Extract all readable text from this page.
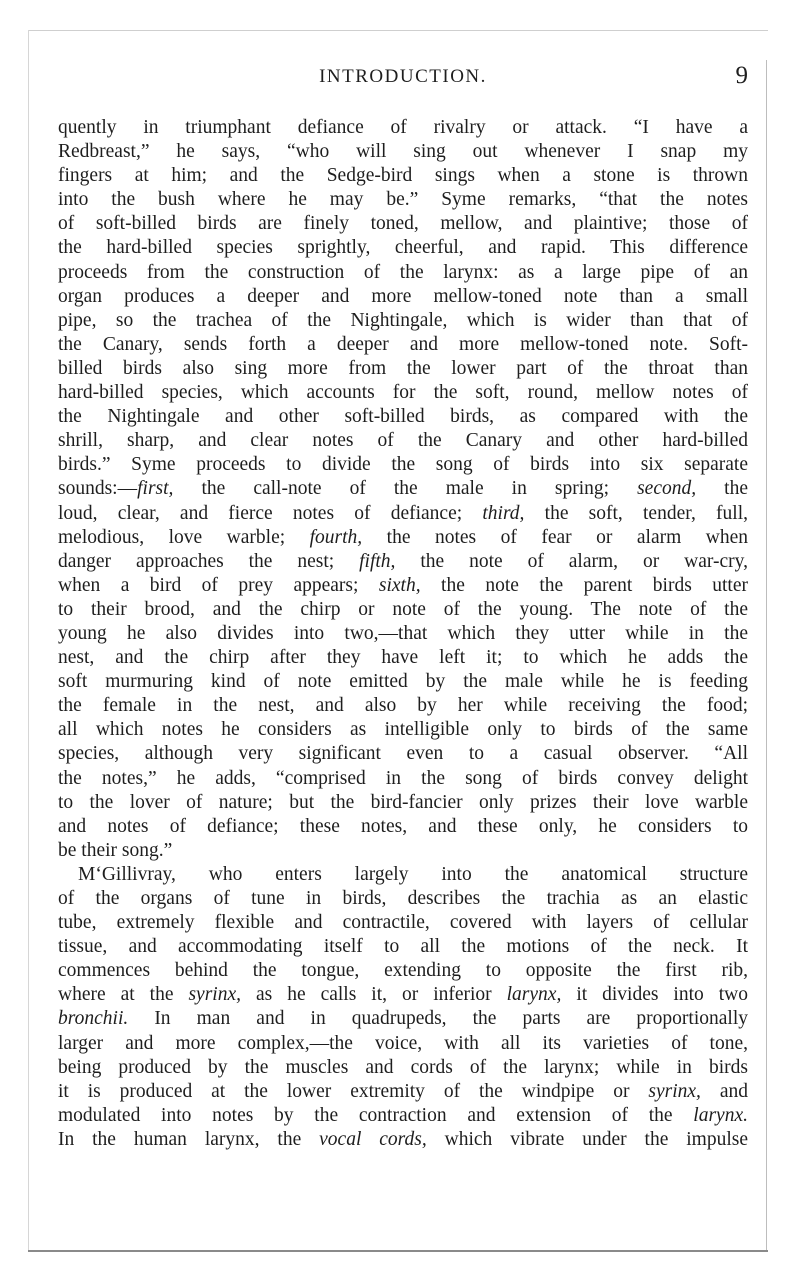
INTRODUCTION.	9
quently in triumphant defiance of rivalry or attack. “I have a
Redbreast,” he says, “who will sing out whenever I snap my
fingers at him; and the Sedge-bird sings when a stone is thrown
into the bush where he may be.” Syme remarks, “that the notes
of soft-billed birds are finely toned, mellow, and plaintive; those of
the hard-billed species sprightly, cheerful, and rapid. This difference
proceeds from the construction of the larynx: as a large pipe of an
organ produces a deeper and more mellow-toned note than a small
pipe, so the trachea of the Nightingale, which is wider than that of
the Canary, sends forth a deeper and more mellow-toned note. Soft-
billed birds also sing more from the lower part of the throat than
hard-billed species, which accounts for the soft, round, mellow notes of
the Nightingale and other soft-billed birds, as compared with the
shrill, sharp, and clear notes of the Canary and other hard-billed
birds.” Syme proceeds to divide the song of birds into six separate
sounds:—first, the call-note of the male in spring; second, the
loud, clear, and fierce notes of defiance; third, the soft, tender, full,
melodious, love warble; fourth, the notes of fear or alarm when
danger approaches the nest; fifth, the note of alarm, or war-cry,
when a bird of prey appears; sixth, the note the parent birds utter
to their brood, and the chirp or note of the young. The note of the
young he also divides into two,—that which they utter while in the
nest, and the chirp after they have left it; to which he adds the
soft murmuring kind of note emitted by the male while he is feeding
the female in the nest, and also by her while receiving the food;
all which notes he considers as intelligible only to birds of the same
species, although very significant even to a casual observer. “All
the notes,” he adds, “comprised in the song of birds convey delight
to the lover of nature; but the bird-fancier only prizes their love warble
and notes of defiance; these notes, and these only, he considers to
be their song.”
M‘Gillivray, who enters largely into the anatomical structure
of the organs of tune in birds, describes the trachia as an elastic
tube, extremely flexible and contractile, covered with layers of cellular
tissue, and accommodating itself to all the motions of the neck. It
commences behind the tongue, extending to opposite the first rib,
where at the syrinx, as he calls it, or inferior larynx, it divides into two
bronchii. In man and in quadrupeds, the parts are proportionally
larger and more complex,—the voice, with all its varieties of tone,
being produced by the muscles and cords of the larynx; while in birds
it is produced at the lower extremity of the windpipe or syrinx, and
modulated into notes by the contraction and extension of the larynx.
In the human larynx, the vocal cords, which vibrate under the impulse
